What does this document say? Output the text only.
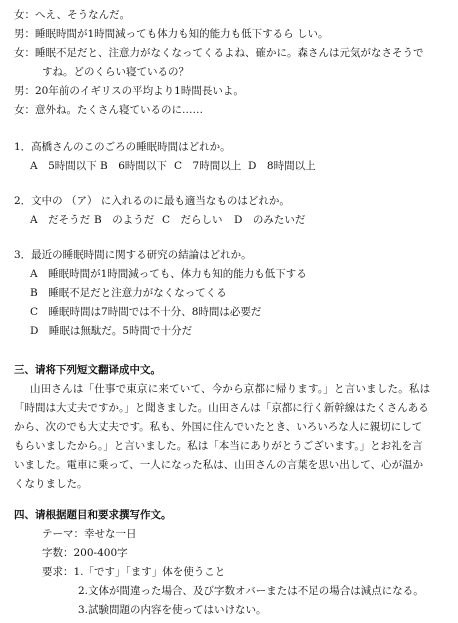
女：へえ、そうなんだ。
男：睡眠時間が1時間減っても体力も知的能力も低下するら しい。
女：睡眠不足だと、注意力がなくなってくるよね、確かに。森さんは元気がなさそうで
すね。どのくらい寝ているの？
男：20年前のイギリスの平均より1時間長いよ。
女：意外ね。たくさん寝ているのに……
1．高橋さんのこのごろの睡眠時間はどれか。
A　5時間以下 B　6時間以下 C　7時間以上 D　8時間以上
2．文中の （ア） に入れるのに最も適当なものはどれか。
A　だそうだ B　のようだ C　だらしい	D　のみたいだ
3．最近の睡眠時間に関する研究の結論はどれか。
A　睡眠時間が1時間減っても、体力も知的能力も低下する
B　睡眠不足だと注意力がなくなってくる
C　睡眠時間は7時間では不十分、8時間は必要だ
D　睡眠は無駄だ。5時間で十分だ
三、请将下列短文翻译成中文。
山田さんは「仕事で東京に来ていて、今から京都に帰ります。」と言いました。私は
「時間は大丈夫ですか。」と聞きました。山田さんは「京都に行く新幹線はたくさんある
から、次のでも大丈夫です。私も、外国に住んでいたとき、いろいろな人に親切にして
もらいましたから。」と言いました。私は「本当にありがとうございます。」とお礼を言
いました。電車に乗って、一人になった私は、山田さんの言葉を思い出して、心が温か
くなりました。
四、请根据题目和要求撰写作文。
テーマ：幸せな一日
字数：200-400字
要求：1.「です」「ます」体を使うこと
2.文体が間違った場合、及び字数オバーまたは不足の場合は減点になる。
3.試験問題の内容を使ってはいけない。
